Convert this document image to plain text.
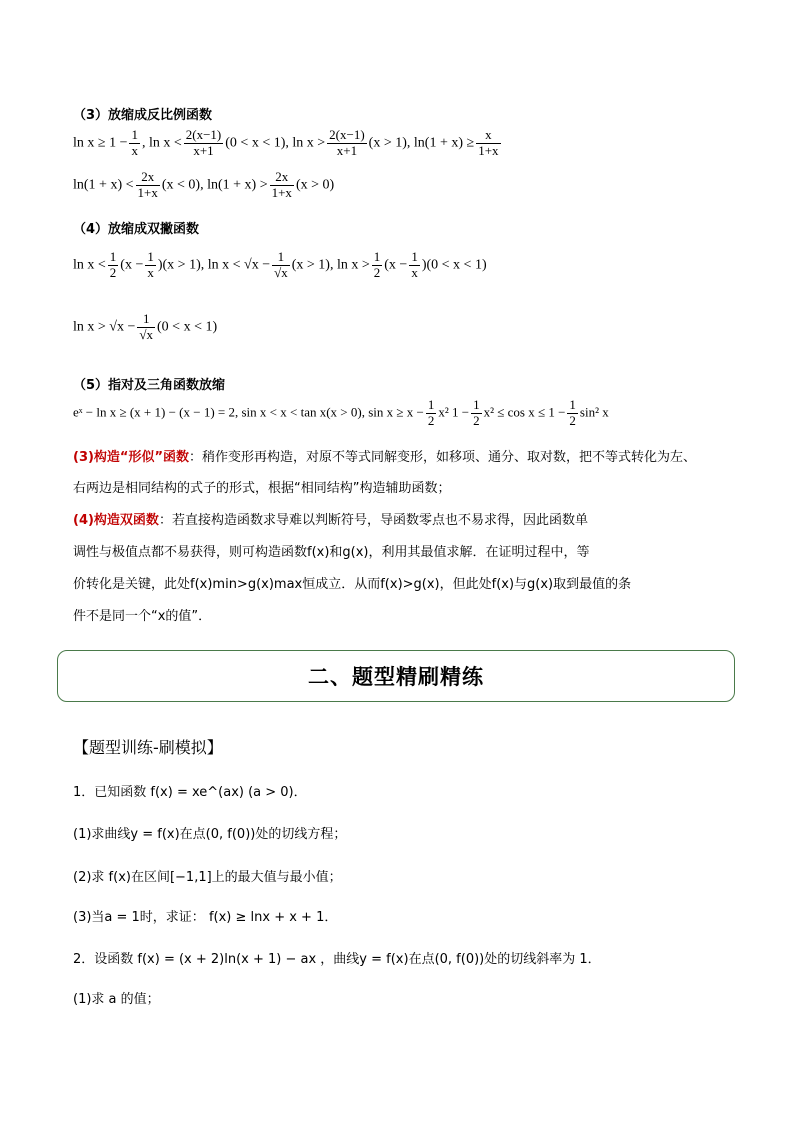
（3）放缩成反比例函数
$\ln x \ge 1 - \frac{1}{x}$ , $\ln x < \frac{2(x-1)}{x+1} (0 < x < 1)$, $\ln x > \frac{2(x-1)}{x+1} (x > 1)$, $\ln(1 + x) \ge \frac{x}{1+x}$
$\ln(1 + x) < \frac{2x}{1+x} (x < 0)$, $\ln(1 + x) > \frac{2x}{1+x} (x > 0)$
（4）放缩成双撇函数
$\ln x < \frac{1}{2} (x - \frac{1}{x} )(x > 1)$, $\ln x < √x - \frac{1}{√x} (x > 1)$, $\ln x > \frac{1}{2} (x - \frac{1}{x} )(0 < x < 1)$
$\ln x > √x - \frac{1}{√x} (0 < x < 1)$
（5）指对及三角函数放缩
eˣ − ln x ≥ (x + 1) − (x − 1) = 2, sin x < x < tan x(x > 0), $\sin x \ge x - \frac{1}{2} x^2$ $1 - \frac{1}{2} x^2 \le \cos x \le 1 - \frac{1}{2} \sin^2$ x
(3)构造“形似”函数：稍作变形再构造，对原不等式同解变形，如移项、通分、取对数，把不等式转化为左、
右两边是相同结构的式子的形式，根据“相同结构”构造辅助函数；
(4)构造双函数：若直接构造函数求导难以判断符号，导函数零点也不易求得，因此函数单
调性与极值点都不易获得，则可构造函数f(x)和g(x)，利用其最值求解．在证明过程中，等
价转化是关键，此处f(x)min>g(x)max恒成立．从而f(x)>g(x)，但此处f(x)与g(x)取到最值的条
件不是同一个“x的值”．
二、题型精刷精练
【题型训练-刷模拟】
1．已知函数 f(x) = xe^(ax) (a > 0)．
(1)求曲线y = f(x)在点(0, f(0))处的切线方程；
(2)求 f(x)在区间[−1,1]上的最大值与最小值；
(3)当a = 1时，求证： f(x) ≥ lnx + x + 1．
2．设函数 f(x) = (x + 2)ln(x + 1) − ax ，曲线y = f(x)在点(0, f(0))处的切线斜率为 1．
(1)求 a 的值；
